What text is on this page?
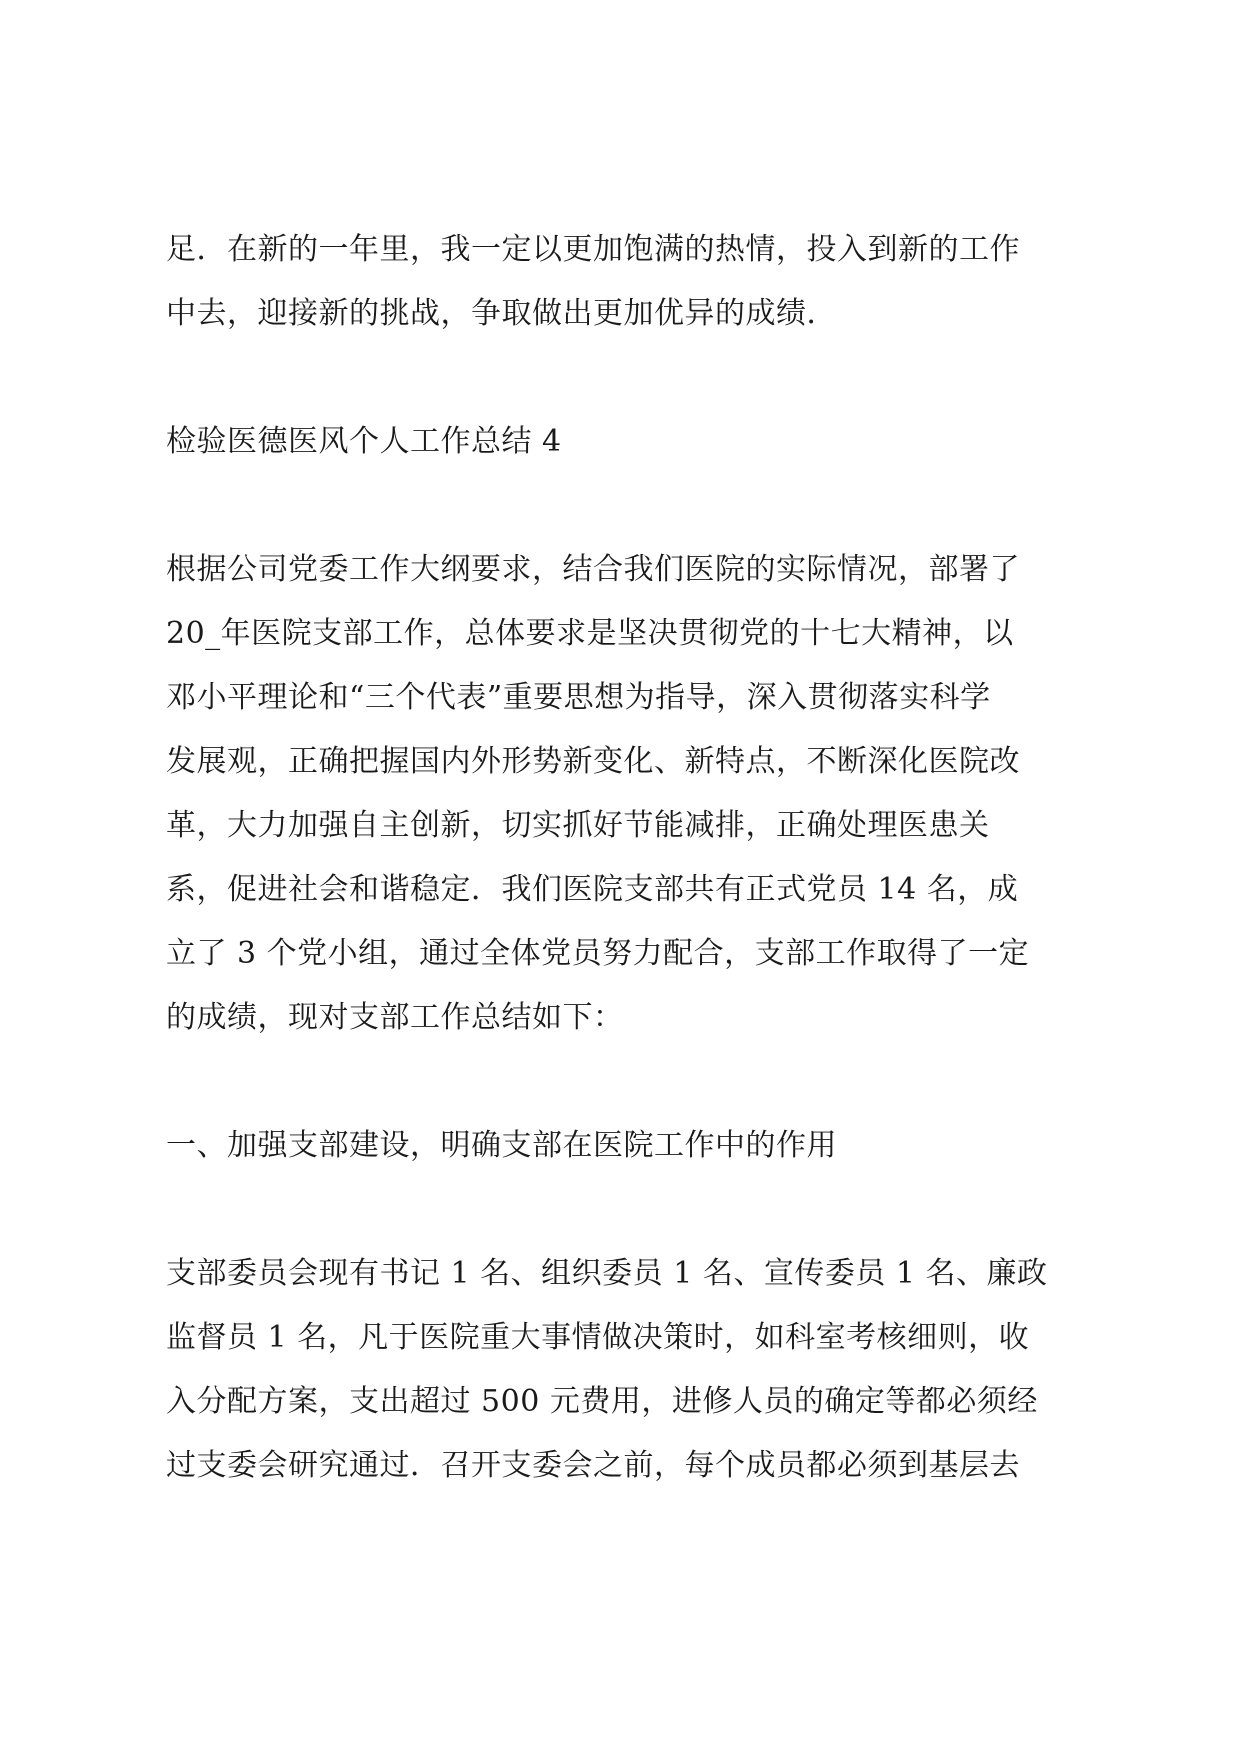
足．在新的一年里，我一定以更加饱满的热情，投入到新的工作
中去，迎接新的挑战，争取做出更加优异的成绩．
检验医德医风个人工作总结 4
根据公司党委工作大纲要求，结合我们医院的实际情况，部署了
20_年医院支部工作，总体要求是坚决贯彻党的十七大精神，以
邓小平理论和“三个代表”重要思想为指导，深入贯彻落实科学
发展观，正确把握国内外形势新变化、新特点，不断深化医院改
革，大力加强自主创新，切实抓好节能减排，正确处理医患关
系，促进社会和谐稳定．我们医院支部共有正式党员 14 名，成
立了 3 个党小组，通过全体党员努力配合，支部工作取得了一定
的成绩，现对支部工作总结如下：
一、加强支部建设，明确支部在医院工作中的作用
支部委员会现有书记 1 名、组织委员 1 名、宣传委员 1 名、廉政
监督员 1 名，凡于医院重大事情做决策时，如科室考核细则，收
入分配方案，支出超过 500 元费用，进修人员的确定等都必须经
过支委会研究通过．召开支委会之前，每个成员都必须到基层去
